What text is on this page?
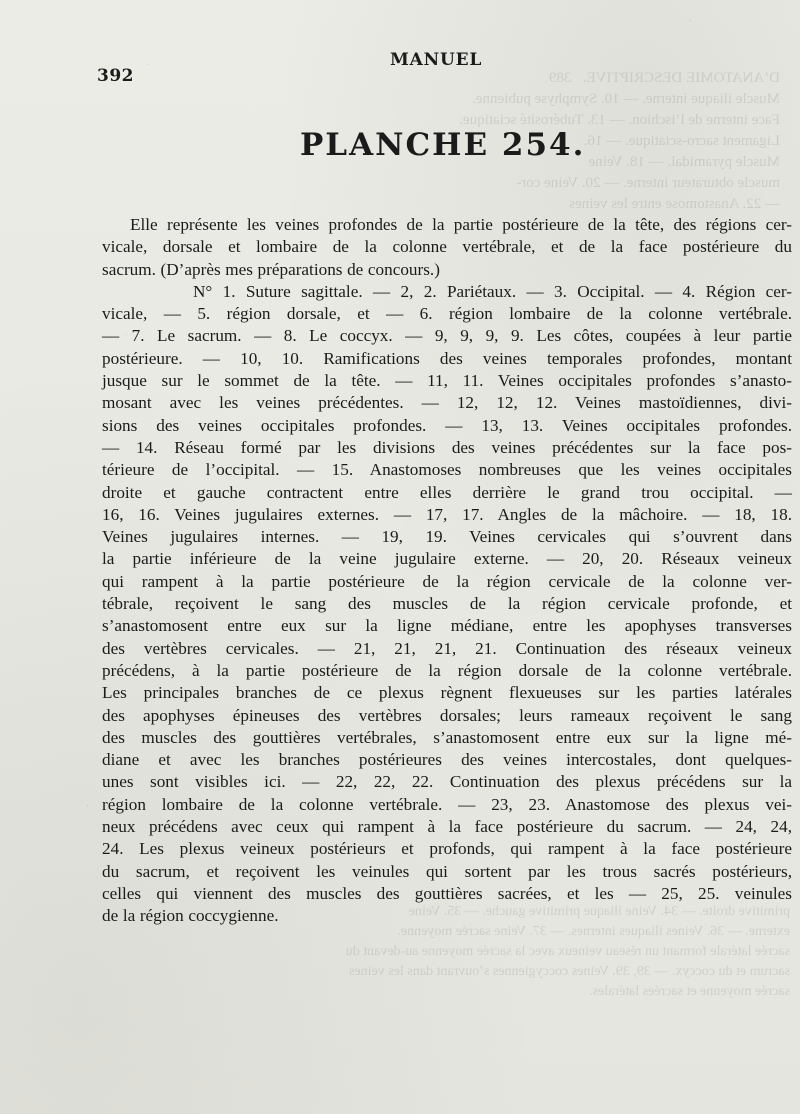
D’ANATOMIE DESCRIPTIVE.   389
Muscle iliaque interne. — 10. Symphyse pubienne.
Face interne de l’ischion. — 13. Tubérosité sciatique.
Ligament sacro-sciatique. — 16.
Muscle pyramidal. — 18. Veine
muscle obturateur interne. — 20. Veine cor-
— 22. Anastomose entre les veines
primitive droite. — 34. Veine iliaque primitive gauche. — 35. Veine
externe. — 36. Veines iliaques internes. — 37. Veine sacrée moyenne.
sacrée latérale formant un réseau veineux avec la sacrée moyenne au-devant du
sacrum et du coccyx. — 39, 39. Veines coccygiennes s’ouvrant dans les veines
sacrée moyenne et sacrées latérales.
392
MANUEL
PLANCHE 254.
Elle représente les veines profondes de la partie postérieure de la tête, des régions cer-
vicale, dorsale et lombaire de la colonne vertébrale, et de la face postérieure du
sacrum. (D’après mes préparations de concours.)
N° 1. Suture sagittale. — 2, 2. Pariétaux. — 3. Occipital. — 4. Région cer-
vicale, — 5. région dorsale, et — 6. région lombaire de la colonne vertébrale.
— 7. Le sacrum. — 8. Le coccyx. — 9, 9, 9, 9. Les côtes, coupées à leur partie
postérieure. — 10, 10. Ramifications des veines temporales profondes, montant
jusque sur le sommet de la tête. — 11, 11. Veines occipitales profondes s’anasto-
mosant avec les veines précédentes. — 12, 12, 12. Veines mastoïdiennes, divi-
sions des veines occipitales profondes. — 13, 13. Veines occipitales profondes.
— 14. Réseau formé par les divisions des veines précédentes sur la face pos-
térieure de l’occipital. — 15. Anastomoses nombreuses que les veines occipitales
droite et gauche contractent entre elles derrière le grand trou occipital. —
16, 16. Veines jugulaires externes. — 17, 17. Angles de la mâchoire. — 18, 18.
Veines jugulaires internes. — 19, 19. Veines cervicales qui s’ouvrent dans
la partie inférieure de la veine jugulaire externe. — 20, 20. Réseaux veineux
qui rampent à la partie postérieure de la région cervicale de la colonne ver-
tébrale, reçoivent le sang des muscles de la région cervicale profonde, et
s’anastomosent entre eux sur la ligne médiane, entre les apophyses transverses
des vertèbres cervicales. — 21, 21, 21, 21. Continuation des réseaux veineux
précédens, à la partie postérieure de la région dorsale de la colonne vertébrale.
Les principales branches de ce plexus règnent flexueuses sur les parties latérales
des apophyses épineuses des vertèbres dorsales; leurs rameaux reçoivent le sang
des muscles des gouttières vertébrales, s’anastomosent entre eux sur la ligne mé-
diane et avec les branches postérieures des veines intercostales, dont quelques-
unes sont visibles ici. — 22, 22, 22. Continuation des plexus précédens sur la
région lombaire de la colonne vertébrale. — 23, 23. Anastomose des plexus vei-
neux précédens avec ceux qui rampent à la face postérieure du sacrum. — 24, 24,
24. Les plexus veineux postérieurs et profonds, qui rampent à la face postérieure
du sacrum, et reçoivent les veinules qui sortent par les trous sacrés postérieurs,
celles qui viennent des muscles des gouttières sacrées, et les — 25, 25. veinules
de la région coccygienne.
